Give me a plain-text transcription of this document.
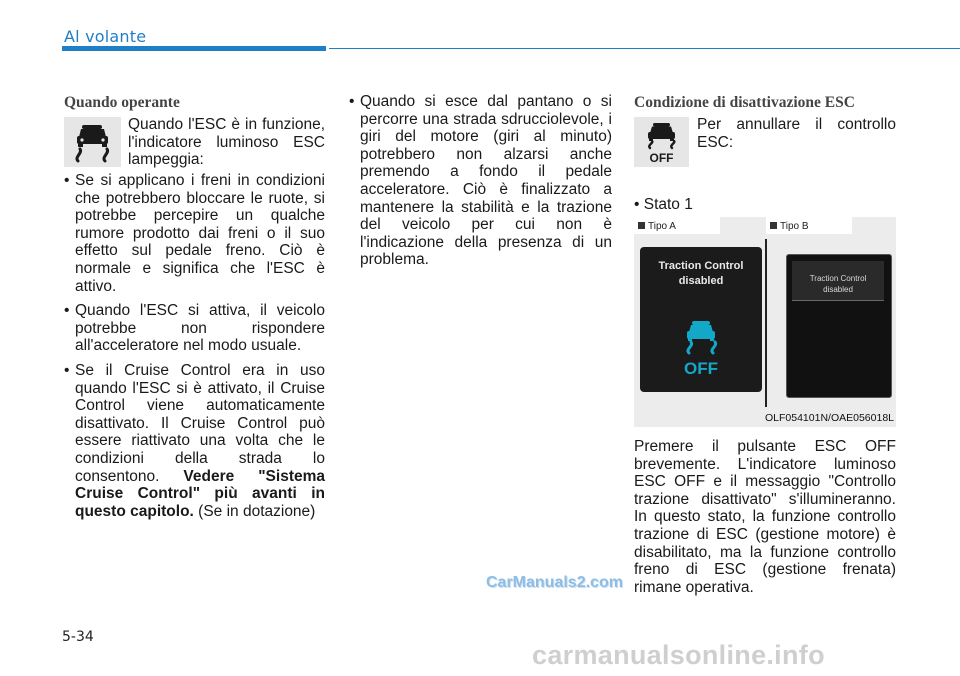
Al volante
Quando operante
Quando l'ESC è in funzione, l'indicatore luminoso ESC lampeggia:
• Se si applicano i freni in condizioni che potrebbero bloccare le ruote, si potrebbe percepire un qualche rumore prodotto dai freni o il suo effetto sul pedale freno. Ciò è normale e significa che l'ESC è attivo.
• Quando l'ESC si attiva, il veicolo potrebbe non rispondere all'acceleratore nel modo usuale.
• Se il Cruise Control era in uso quando l'ESC si è attivato, il Cruise Control viene automaticamente disattivato. Il Cruise Control può essere riattivato una volta che le condizioni della strada lo consentono. Vedere "Sistema Cruise Control" più avanti in questo capitolo. (Se in dotazione)
• Quando si esce dal pantano o si percorre una strada sdrucciolevole, i giri del motore (giri al minuto) potrebbero non alzarsi anche premendo a fondo il pedale acceleratore. Ciò è finalizzato a mantenere la stabilità e la trazione del veicolo per cui non è l'indicazione della presenza di un problema.
Condizione di disattivazione ESC
OFF
Per annullare il controllo ESC:
• Stato 1
Tipo A	Tipo B
Traction Control
disabled
OFF
Traction Control
disabled
OLF054101N/OAE056018L
Premere il pulsante ESC OFF brevemente. L'indicatore luminoso ESC OFF e il messaggio "Controllo trazione disattivato" s'illumineranno. In questo stato, la funzione controllo trazione di ESC (gestione motore) è disabilitato, ma la funzione controllo freno di ESC (gestione frenata) rimane operativa.
CarManuals2.com
5-34
carmanualsonline.info
